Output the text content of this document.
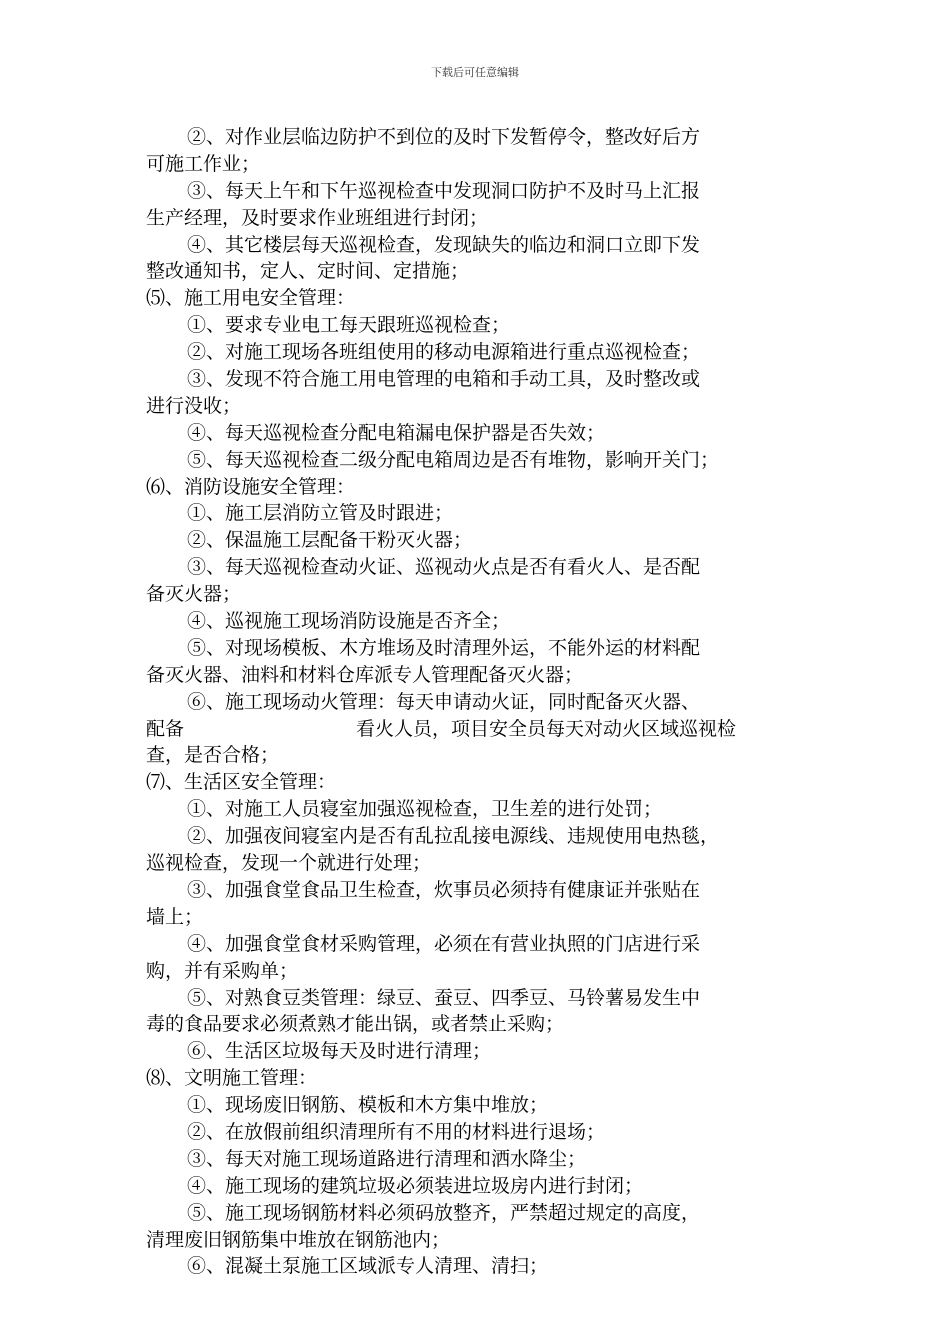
下载后可任意编辑
②、对作业层临边防护不到位的及时下发暂停令，整改好后方
可施工作业；
③、每天上午和下午巡视检查中发现洞口防护不及时马上汇报
生产经理，及时要求作业班组进行封闭；
④、其它楼层每天巡视检查，发现缺失的临边和洞口立即下发
整改通知书，定人、定时间、定措施；
⑸、施工用电安全管理：
①、要求专业电工每天跟班巡视检查；
②、对施工现场各班组使用的移动电源箱进行重点巡视检查；
③、发现不符合施工用电管理的电箱和手动工具，及时整改或
进行没收；
④、每天巡视检查分配电箱漏电保护器是否失效；
⑤、每天巡视检查二级分配电箱周边是否有堆物，影响开关门；
⑹、消防设施安全管理：
①、施工层消防立管及时跟进；
②、保温施工层配备干粉灭火器；
③、每天巡视检查动火证、巡视动火点是否有看火人、是否配
备灭火器；
④、巡视施工现场消防设施是否齐全；
⑤、对现场模板、木方堆场及时清理外运，不能外运的材料配
备灭火器、油料和材料仓库派专人管理配备灭火器；
⑥、施工现场动火管理：每天申请动火证，同时配备灭火器、
配备	看火人员，项目安全员每天对动火区域巡视检
查，是否合格；
⑺、生活区安全管理：
①、对施工人员寝室加强巡视检查，卫生差的进行处罚；
②、加强夜间寝室内是否有乱拉乱接电源线、违规使用电热毯，
巡视检查，发现一个就进行处理；
③、加强食堂食品卫生检查，炊事员必须持有健康证并张贴在
墙上；
④、加强食堂食材采购管理，必须在有营业执照的门店进行采
购，并有采购单；
⑤、对熟食豆类管理：绿豆、蚕豆、四季豆、马铃薯易发生中
毒的食品要求必须煮熟才能出锅，或者禁止采购；
⑥、生活区垃圾每天及时进行清理；
⑻、文明施工管理：
①、现场废旧钢筋、模板和木方集中堆放；
②、在放假前组织清理所有不用的材料进行退场；
③、每天对施工现场道路进行清理和洒水降尘；
④、施工现场的建筑垃圾必须装进垃圾房内进行封闭；
⑤、施工现场钢筋材料必须码放整齐，严禁超过规定的高度，
清理废旧钢筋集中堆放在钢筋池内；
⑥、混凝土泵施工区域派专人清理、清扫；
